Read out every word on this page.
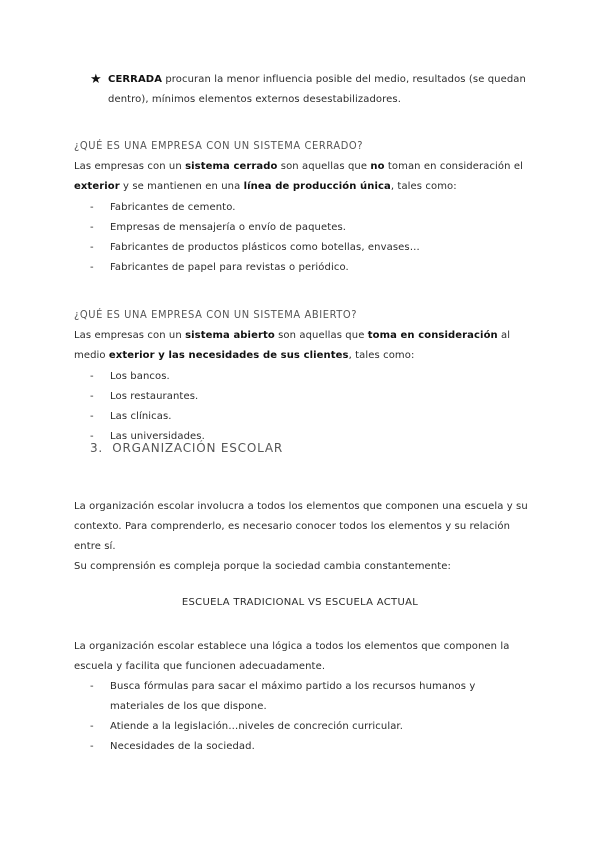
★ CERRADA procuran la menor influencia posible del medio, resultados (se quedan dentro), mínimos elementos externos desestabilizadores.
¿QUÉ ES UNA EMPRESA CON UN SISTEMA CERRADO?
Las empresas con un sistema cerrado son aquellas que no toman en consideración el exterior y se mantienen en una línea de producción única, tales como:
- Fabricantes de cemento.
- Empresas de mensajería o envío de paquetes.
- Fabricantes de productos plásticos como botellas, envases…
- Fabricantes de papel para revistas o periódico.
¿QUÉ ES UNA EMPRESA CON UN SISTEMA ABIERTO?
Las empresas con un sistema abierto son aquellas que toma en consideración al medio exterior y las necesidades de sus clientes, tales como:
- Los bancos.
- Los restaurantes.
- Las clínicas.
- Las universidades.
3. ORGANIZACIÓN ESCOLAR
La organización escolar involucra a todos los elementos que componen una escuela y su contexto. Para comprenderlo, es necesario conocer todos los elementos y su relación entre sí.
Su comprensión es compleja porque la sociedad cambia constantemente:
ESCUELA TRADICIONAL VS ESCUELA ACTUAL
La organización escolar establece una lógica a todos los elementos que componen la escuela y facilita que funcionen adecuadamente.
- Busca fórmulas para sacar el máximo partido a los recursos humanos y materiales de los que dispone.
- Atiende a la legislación…niveles de concreción curricular.
- Necesidades de la sociedad.
